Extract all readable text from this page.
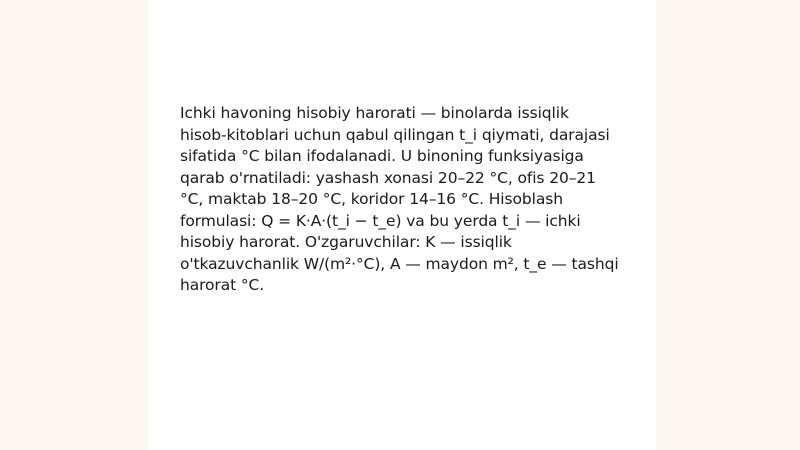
Ichki havoning hisobiy harorati — binolarda issiqlik hisob-kitoblari uchun qabul qilingan t_i qiymati, darajasi sifatida °C bilan ifodalanadi. U binoning funksiyasiga qarab o'rnatiladi: yashash xonasi 20–22 °C, ofis 20–21 °C, maktab 18–20 °C, koridor 14–16 °C. Hisoblash formulasi: Q = K·A·(t_i − t_e) va bu yerda t_i — ichki hisobiy harorat. O'zgaruvchilar: K — issiqlik o'tkazuvchanlik W/(m²·°C), A — maydon m², t_e — tashqi harorat °C.
